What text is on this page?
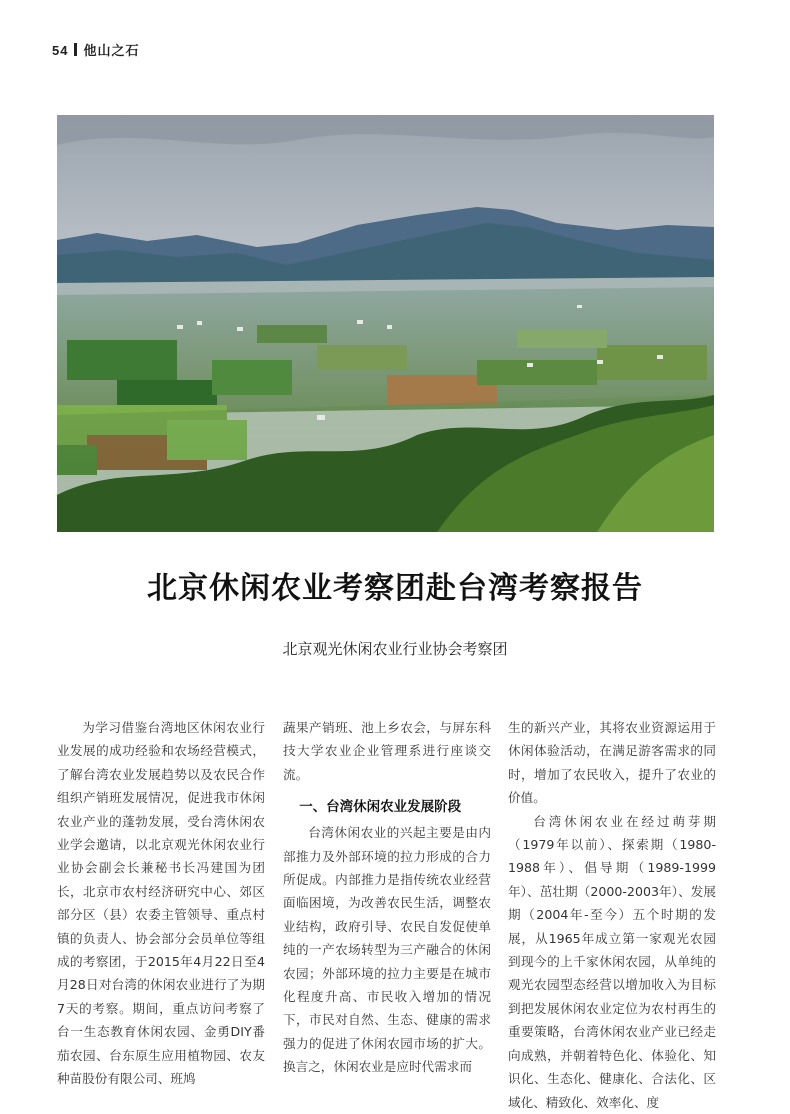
54 他山之石
北京休闲农业考察团赴台湾考察报告
北京观光休闲农业行业协会考察团

为学习借鉴台湾地区休闲农业行业发展的成功经验和农场经营模式，了解台湾农业发展趋势以及农民合作组织产销班发展情况，促进我市休闲农业产业的蓬勃发展，受台湾休闲农业学会邀请，以北京观光休闲农业行业协会副会长兼秘书长冯建国为团长，北京市农村经济研究中心、郊区部分区（县）农委主管领导、重点村镇的负责人、协会部分会员单位等组成的考察团，于2015年4月22日至4月28日对台湾的休闲农业进行了为期7天的考察。期间，重点访问考察了台一生态教育休闲农园、金勇DIY番茄农园、台东原生应用植物园、农友种苗股份有限公司、班鸠

蔬果产销班、池上乡农会，与屏东科技大学农业企业管理系进行座谈交流。

一、台湾休闲农业发展阶段

台湾休闲农业的兴起主要是由内部推力及外部环境的拉力形成的合力所促成。内部推力是指传统农业经营面临困境，为改善农民生活，调整农业结构，政府引导、农民自发促使单纯的一产农场转型为三产融合的休闲农园；外部环境的拉力主要是在城市化程度升高、市民收入增加的情况下，市民对自然、生态、健康的需求强力的促进了休闲农园市场的扩大。换言之，休闲农业是应时代需求而

生的新兴产业，其将农业资源运用于休闲体验活动，在满足游客需求的同时，增加了农民收入，提升了农业的价值。

台湾休闲农业在经过萌芽期（1979年以前）、探索期（1980-1988年）、倡导期（1989-1999年）、茁壮期（2000-2003年）、发展期（2004年-至今）五个时期的发展，从1965年成立第一家观光农园到现今的上千家休闲农园，从单纯的观光农园型态经营以增加收入为目标到把发展休闲农业定位为农村再生的重要策略，台湾休闲农业产业已经走向成熟，并朝着特色化、体验化、知识化、生态化、健康化、合法化、区域化、精致化、效率化、度
